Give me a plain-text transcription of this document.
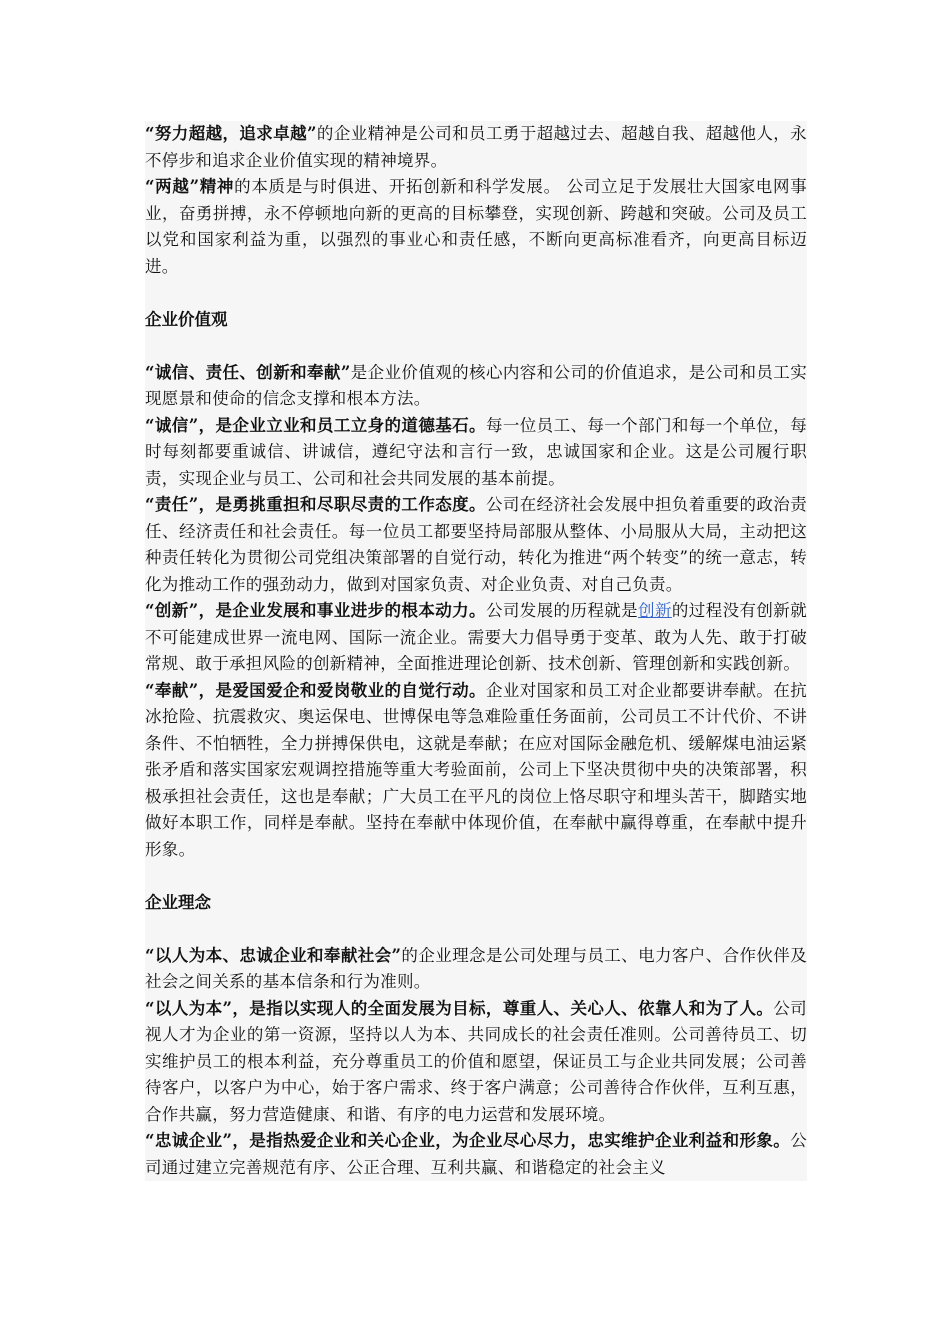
“努力超越，追求卓越”的企业精神是公司和员工勇于超越过去、超越自我、超越他人，永不停步和追求企业价值实现的精神境界。

“两越”精神的本质是与时俱进、开拓创新和科学发展。 公司立足于发展壮大国家电网事业，奋勇拼搏，永不停顿地向新的更高的目标攀登，实现创新、跨越和突破。公司及员工以党和国家利益为重，以强烈的事业心和责任感，不断向更高标准看齐，向更高目标迈进。

企业价值观

“诚信、责任、创新和奉献”是企业价值观的核心内容和公司的价值追求，是公司和员工实现愿景和使命的信念支撑和根本方法。

“诚信”，是企业立业和员工立身的道德基石。每一位员工、每一个部门和每一个单位，每时每刻都要重诚信、讲诚信，遵纪守法和言行一致，忠诚国家和企业。这是公司履行职责，实现企业与员工、公司和社会共同发展的基本前提。

“责任”，是勇挑重担和尽职尽责的工作态度。公司在经济社会发展中担负着重要的政治责任、经济责任和社会责任。每一位员工都要坚持局部服从整体、小局服从大局，主动把这种责任转化为贯彻公司党组决策部署的自觉行动，转化为推进“两个转变”的统一意志，转化为推动工作的强劲动力，做到对国家负责、对企业负责、对自己负责。

“创新”，是企业发展和事业进步的根本动力。公司发展的历程就是创新的过程没有创新就不可能建成世界一流电网、国际一流企业。需要大力倡导勇于变革、敢为人先、敢于打破常规、敢于承担风险的创新精神，全面推进理论创新、技术创新、管理创新和实践创新。

“奉献”，是爱国爱企和爱岗敬业的自觉行动。企业对国家和员工对企业都要讲奉献。在抗冰抢险、抗震救灾、奥运保电、世博保电等急难险重任务面前，公司员工不计代价、不讲条件、不怕牺牲，全力拼搏保供电，这就是奉献；在应对国际金融危机、缓解煤电油运紧张矛盾和落实国家宏观调控措施等重大考验面前，公司上下坚决贯彻中央的决策部署，积极承担社会责任，这也是奉献；广大员工在平凡的岗位上恪尽职守和埋头苦干，脚踏实地做好本职工作，同样是奉献。坚持在奉献中体现价值，在奉献中赢得尊重，在奉献中提升形象。

企业理念

“以人为本、忠诚企业和奉献社会”的企业理念是公司处理与员工、电力客户、合作伙伴及社会之间关系的基本信条和行为准则。

“以人为本”，是指以实现人的全面发展为目标，尊重人、关心人、依靠人和为了人。公司视人才为企业的第一资源，坚持以人为本、共同成长的社会责任准则。公司善待员工、切实维护员工的根本利益，充分尊重员工的价值和愿望，保证员工与企业共同发展；公司善待客户，以客户为中心，始于客户需求、终于客户满意；公司善待合作伙伴，互利互惠，合作共赢，努力营造健康、和谐、有序的电力运营和发展环境。

“忠诚企业”，是指热爱企业和关心企业，为企业尽心尽力，忠实维护企业利益和形象。公司通过建立完善规范有序、公正合理、互利共赢、和谐稳定的社会主义
